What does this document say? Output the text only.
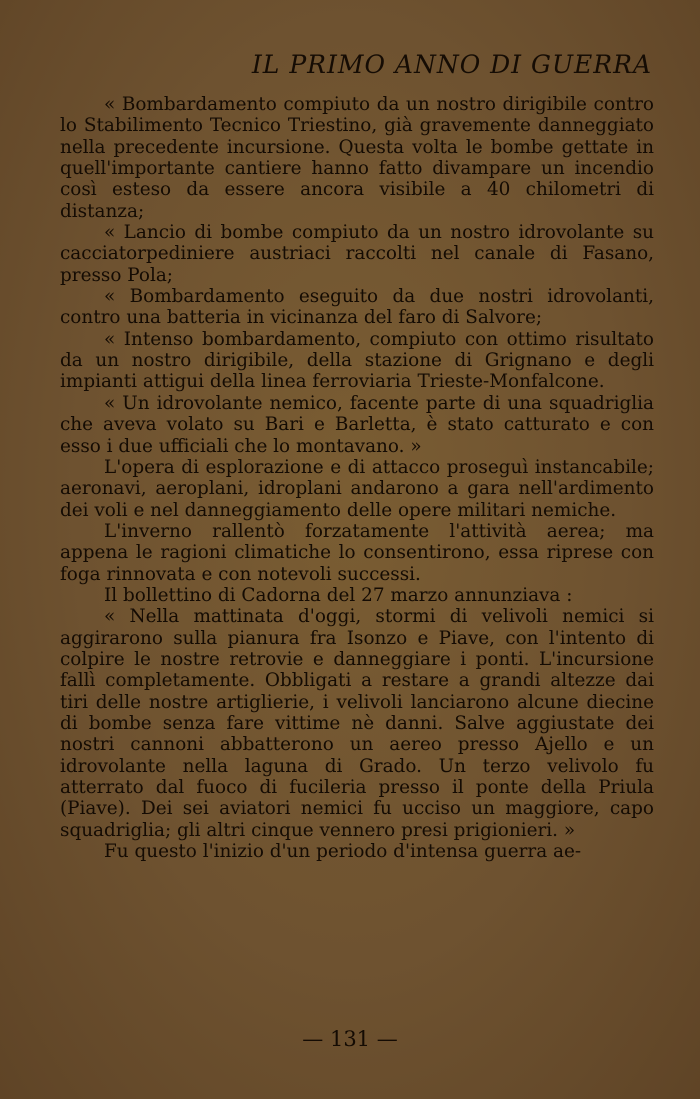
IL PRIMO ANNO DI GUERRA

« Bombardamento compiuto da un nostro dirigibile contro lo Stabilimento Tecnico Triestino, già gravemente danneggiato nella precedente incursione. Questa volta le bombe gettate in quell'importante cantiere hanno fatto divampare un incendio così esteso da essere ancora visibile a 40 chilometri di distanza;

« Lancio di bombe compiuto da un nostro idrovolante su cacciatorpediniere austriaci raccolti nel canale di Fasano, presso Pola;

« Bombardamento eseguito da due nostri idrovolanti, contro una batteria in vicinanza del faro di Salvore;

« Intenso bombardamento, compiuto con ottimo risultato da un nostro dirigibile, della stazione di Grignano e degli impianti attigui della linea ferroviaria Trieste-Monfalcone.

« Un idrovolante nemico, facente parte di una squadriglia che aveva volato su Bari e Barletta, è stato catturato e con esso i due ufficiali che lo montavano. »

L'opera di esplorazione e di attacco proseguì instancabile; aeronavi, aeroplani, idroplani andarono a gara nell'ardimento dei voli e nel danneggiamento delle opere militari nemiche.

L'inverno rallentò forzatamente l'attività aerea; ma appena le ragioni climatiche lo consentirono, essa riprese con foga rinnovata e con notevoli successi.

Il bollettino di Cadorna del 27 marzo annunziava :

« Nella mattinata d'oggi, stormi di velivoli nemici si aggirarono sulla pianura fra Isonzo e Piave, con l'intento di colpire le nostre retrovie e danneggiare i ponti. L'incursione fallì completamente. Obbligati a restare a grandi altezze dai tiri delle nostre artiglierie, i velivoli lanciarono alcune diecine di bombe senza fare vittime nè danni. Salve aggiustate dei nostri cannoni abbatterono un aereo presso Ajello e un idrovolante nella laguna di Grado. Un terzo velivolo fu atterrato dal fuoco di fucileria presso il ponte della Priula (Piave). Dei sei aviatori nemici fu ucciso un maggiore, capo squadriglia; gli altri cinque vennero presi prigionieri. »

Fu questo l'inizio d'un periodo d'intensa guerra ae-

— 131 —
